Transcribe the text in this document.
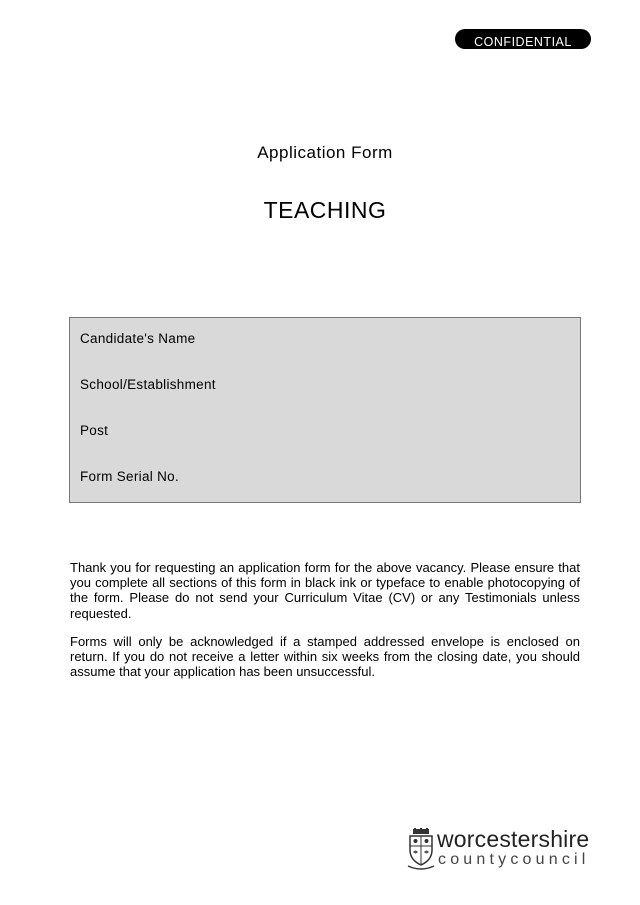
CONFIDENTIAL
Application Form
TEACHING
Candidate's Name
School/Establishment
Post
Form Serial No.

Thank you for requesting an application form for the above vacancy. Please ensure that you complete all sections of this form in black ink or typeface to enable photocopying of the form. Please do not send your Curriculum Vitae (CV) or any Testimonials unless requested.

Forms will only be acknowledged if a stamped addressed envelope is enclosed on return. If you do not receive a letter within six weeks from the closing date, you should assume that your application has been unsuccessful.

worcestershire
countycouncil
